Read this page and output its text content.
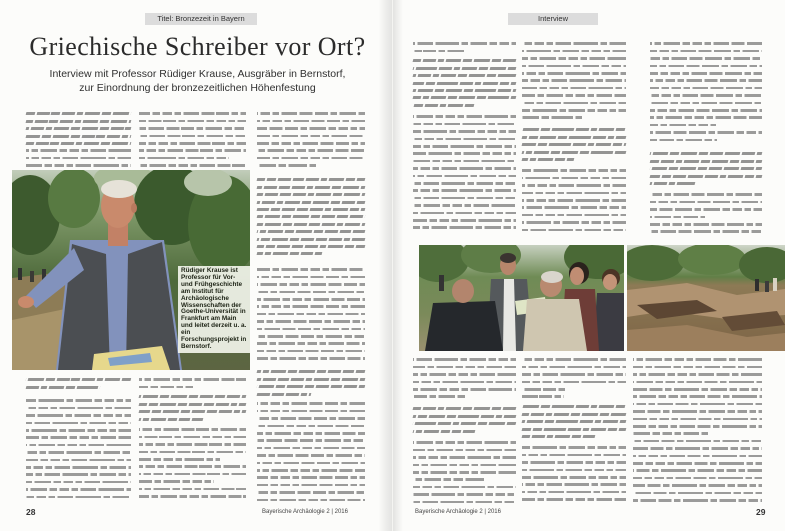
Titel: Bronzezeit in Bayern
Griechische Schreiber vor Ort?
Interview mit Professor Rüdiger Krause, Ausgräber in Bernstorf,
zur Einordnung der bronzezeitlichen Höhenfestung
Rüdiger Krause ist Professor für Vor- und Frühgeschichte am Institut für Archäologische Wissenschaften der Goethe-Universität in Frankfurt am Main und leitet derzeit u. a. ein Forschungsprojekt in Bernstorf.
28	Bayerische Archäologie 2 | 2016
Interview
Bayerische Archäologie 2 | 2016	29
